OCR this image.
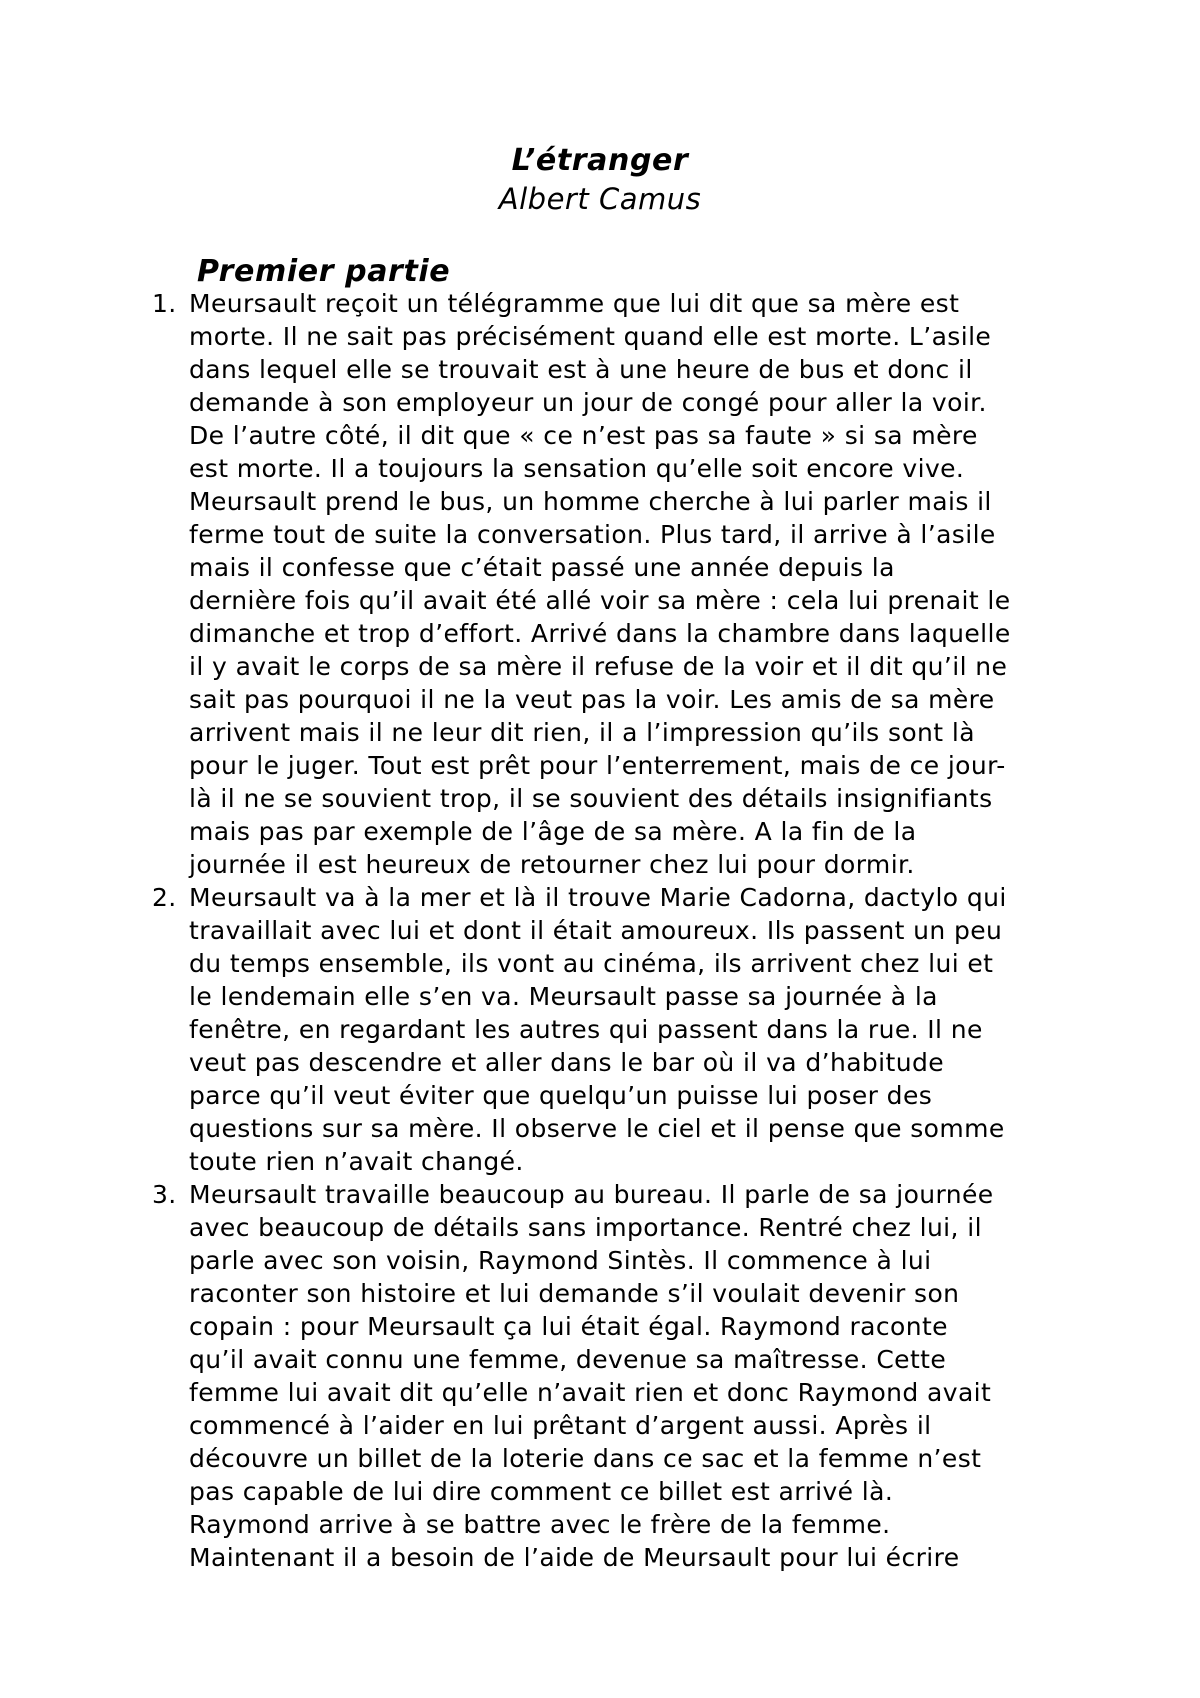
L’étranger
Albert Camus
Premier partie
1. Meursault reçoit un télégramme que lui dit que sa mère est
morte. Il ne sait pas précisément quand elle est morte. L’asile
dans lequel elle se trouvait est à une heure de bus et donc il
demande à son employeur un jour de congé pour aller la voir.
De l’autre côté, il dit que « ce n’est pas sa faute » si sa mère
est morte. Il a toujours la sensation qu’elle soit encore vive.
Meursault prend le bus, un homme cherche à lui parler mais il
ferme tout de suite la conversation. Plus tard, il arrive à l’asile
mais il confesse que c’était passé une année depuis la
dernière fois qu’il avait été allé voir sa mère : cela lui prenait le
dimanche et trop d’effort. Arrivé dans la chambre dans laquelle
il y avait le corps de sa mère il refuse de la voir et il dit qu’il ne
sait pas pourquoi il ne la veut pas la voir. Les amis de sa mère
arrivent mais il ne leur dit rien, il a l’impression qu’ils sont là
pour le juger. Tout est prêt pour l’enterrement, mais de ce jour-
là il ne se souvient trop, il se souvient des détails insignifiants
mais pas par exemple de l’âge de sa mère. A la fin de la
journée il est heureux de retourner chez lui pour dormir.
2. Meursault va à la mer et là il trouve Marie Cadorna, dactylo qui
travaillait avec lui et dont il était amoureux. Ils passent un peu
du temps ensemble, ils vont au cinéma, ils arrivent chez lui et
le lendemain elle s’en va. Meursault passe sa journée à la
fenêtre, en regardant les autres qui passent dans la rue. Il ne
veut pas descendre et aller dans le bar où il va d’habitude
parce qu’il veut éviter que quelqu’un puisse lui poser des
questions sur sa mère. Il observe le ciel et il pense que somme
toute rien n’avait changé.
3. Meursault travaille beaucoup au bureau. Il parle de sa journée
avec beaucoup de détails sans importance. Rentré chez lui, il
parle avec son voisin, Raymond Sintès. Il commence à lui
raconter son histoire et lui demande s’il voulait devenir son
copain : pour Meursault ça lui était égal. Raymond raconte
qu’il avait connu une femme, devenue sa maîtresse. Cette
femme lui avait dit qu’elle n’avait rien et donc Raymond avait
commencé à l’aider en lui prêtant d’argent aussi. Après il
découvre un billet de la loterie dans ce sac et la femme n’est
pas capable de lui dire comment ce billet est arrivé là.
Raymond arrive à se battre avec le frère de la femme.
Maintenant il a besoin de l’aide de Meursault pour lui écrire
